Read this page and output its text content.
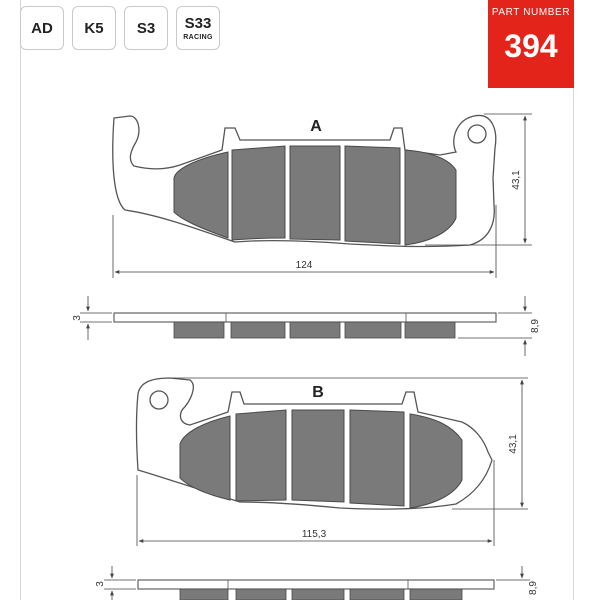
AD K5 S3 S33
RACING
PART NUMBER
394
A
124
43,1
3
8,9
B
115,3
43,1
3	8,9
